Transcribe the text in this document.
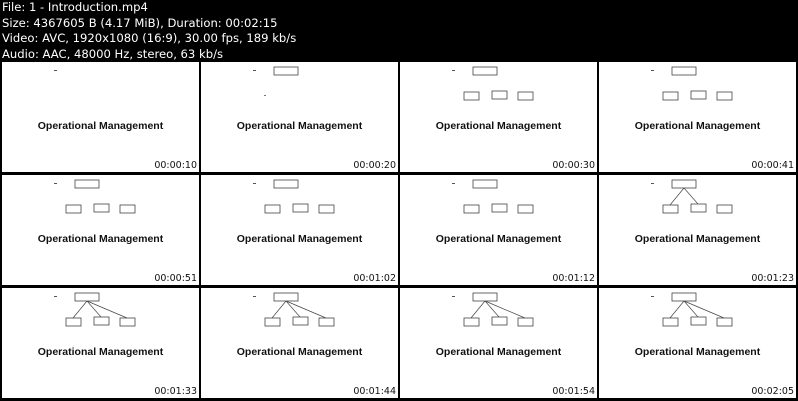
File: 1 - Introduction.mp4
Size: 4367605 B (4.17 MiB), Duration: 00:02:15
Video: AVC, 1920x1080 (16:9), 30.00 fps, 189 kb/s
Audio: AAC, 48000 Hz, stereo, 63 kb/s
Operational Management
00:00:10
Operational Management
00:00:20
Operational Management
00:00:30
Operational Management
00:00:41
Operational Management
00:00:51
Operational Management
00:01:02
Operational Management
00:01:12
Operational Management
00:01:23
Operational Management
00:01:33
Operational Management
00:01:44
Operational Management
00:01:54
Operational Management
00:02:05
